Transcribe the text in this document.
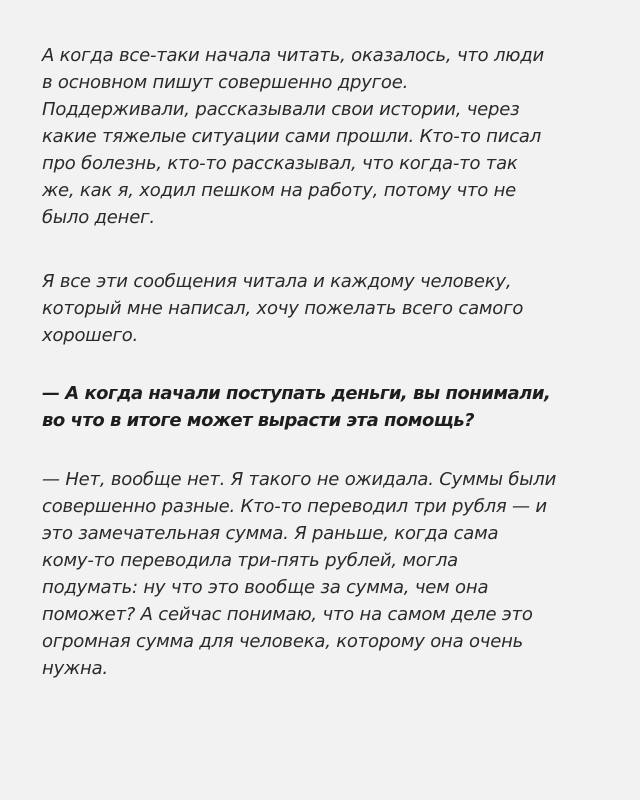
А когда все-таки начала читать, оказалось, что люди
в основном пишут совершенно другое.
Поддерживали, рассказывали свои истории, через
какие тяжелые ситуации сами прошли. Кто-то писал
про болезнь, кто-то рассказывал, что когда-то так
же, как я, ходил пешком на работу, потому что не
было денег.

Я все эти сообщения читала и каждому человеку,
который мне написал, хочу пожелать всего самого
хорошего.

— А когда начали поступать деньги, вы понимали,
во что в итоге может вырасти эта помощь?

— Нет, вообще нет. Я такого не ожидала. Суммы были
совершенно разные. Кто-то переводил три рубля — и
это замечательная сумма. Я раньше, когда сама
кому-то переводила три-пять рублей, могла
подумать: ну что это вообще за сумма, чем она
поможет? А сейчас понимаю, что на самом деле это
огромная сумма для человека, которому она очень
нужна.
